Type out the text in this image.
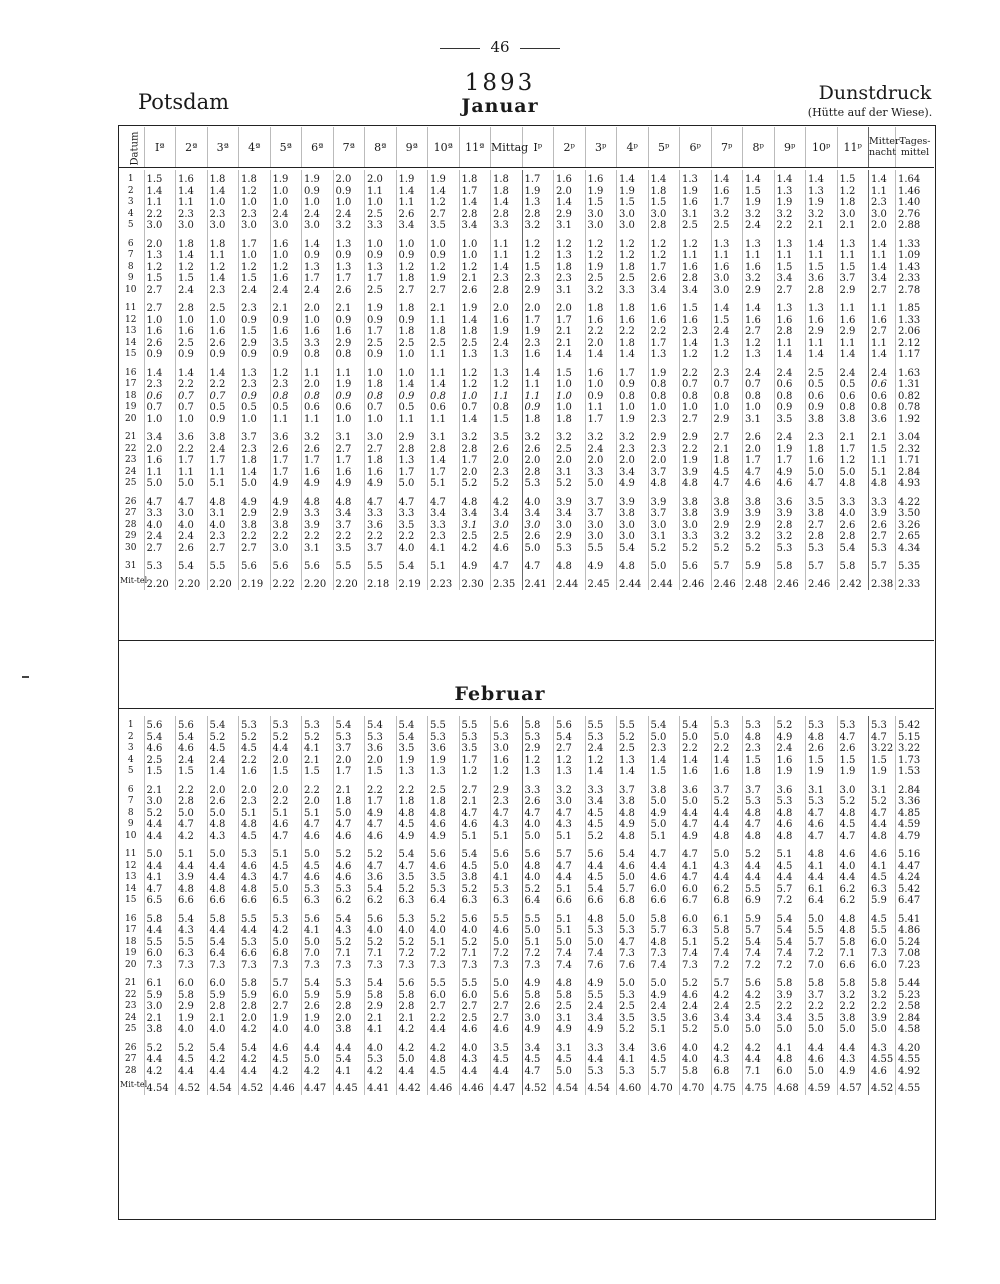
46
Potsdam
1893
Januar
Dunstdruck
(Hütte auf der Wiese).
Datum	Iª	2ª	3ª	4ª	5ª	6ª	7ª	8ª	9ª	10ª	11ª	Mittag	Iᵖ	2ᵖ	3ᵖ	4ᵖ	5ᵖ	6ᵖ	7ᵖ	8ᵖ	9ᵖ	10ᵖ	11ᵖ	Mitter-nacht	Tages-mittel
1	1.5	1.6	1.8	1.8	1.9	1.9	2.0	2.0	1.9	1.9	1.8	1.8	1.7	1.6	1.6	1.4	1.4	1.3	1.4	1.4	1.4	1.4	1.5	1.4	1.64
2	1.4	1.4	1.4	1.2	1.0	0.9	0.9	1.1	1.4	1.4	1.7	1.8	1.9	2.0	1.9	1.9	1.8	1.9	1.6	1.5	1.3	1.3	1.2	1.1	1.46
3	1.1	1.1	1.0	1.0	1.0	1.0	1.0	1.0	1.1	1.2	1.4	1.4	1.3	1.4	1.5	1.5	1.5	1.6	1.7	1.9	1.9	1.9	1.8	2.3	1.40
4	2.2	2.3	2.3	2.3	2.4	2.4	2.4	2.5	2.6	2.7	2.8	2.8	2.8	2.9	3.0	3.0	3.0	3.1	3.2	3.2	3.2	3.2	3.0	3.0	2.76
5	3.0	3.0	3.0	3.0	3.0	3.0	3.2	3.3	3.4	3.5	3.4	3.3	3.2	3.1	3.0	3.0	2.8	2.5	2.5	2.4	2.2	2.1	2.1	2.0	2.88
6	2.0	1.8	1.8	1.7	1.6	1.4	1.3	1.0	1.0	1.0	1.0	1.1	1.2	1.2	1.2	1.2	1.2	1.2	1.3	1.3	1.3	1.4	1.3	1.4	1.33
7	1.3	1.4	1.1	1.0	1.0	0.9	0.9	0.9	0.9	0.9	1.0	1.1	1.2	1.3	1.2	1.2	1.2	1.1	1.1	1.1	1.1	1.1	1.1	1.1	1.09
8	1.2	1.2	1.2	1.2	1.2	1.3	1.3	1.3	1.2	1.2	1.2	1.4	1.5	1.8	1.9	1.8	1.7	1.6	1.6	1.6	1.5	1.5	1.5	1.4	1.43
9	1.5	1.5	1.4	1.5	1.6	1.7	1.7	1.7	1.8	1.9	2.1	2.3	2.3	2.3	2.5	2.5	2.6	2.8	3.0	3.2	3.4	3.6	3.7	3.4	2.33
10	2.7	2.4	2.3	2.4	2.4	2.4	2.6	2.5	2.7	2.7	2.6	2.8	2.9	3.1	3.2	3.3	3.4	3.4	3.0	2.9	2.7	2.8	2.9	2.7	2.78
11	2.7	2.8	2.5	2.3	2.1	2.0	2.1	1.9	1.8	2.1	1.9	2.0	2.0	2.0	1.8	1.8	1.6	1.5	1.4	1.4	1.3	1.3	1.1	1.1	1.85
12	1.0	1.0	1.0	0.9	0.9	1.0	0.9	0.9	0.9	1.1	1.4	1.6	1.7	1.7	1.6	1.6	1.6	1.6	1.5	1.6	1.6	1.6	1.6	1.6	1.33
13	1.6	1.6	1.6	1.5	1.6	1.6	1.6	1.7	1.8	1.8	1.8	1.9	1.9	2.1	2.2	2.2	2.2	2.3	2.4	2.7	2.8	2.9	2.9	2.7	2.06
14	2.6	2.5	2.6	2.9	3.5	3.3	2.9	2.5	2.5	2.5	2.5	2.4	2.3	2.1	2.0	1.8	1.7	1.4	1.3	1.2	1.1	1.1	1.1	1.1	2.12
15	0.9	0.9	0.9	0.9	0.9	0.8	0.8	0.9	1.0	1.1	1.3	1.3	1.6	1.4	1.4	1.4	1.3	1.2	1.2	1.3	1.4	1.4	1.4	1.4	1.17
16	1.4	1.4	1.4	1.3	1.2	1.1	1.1	1.0	1.0	1.1	1.2	1.3	1.4	1.5	1.6	1.7	1.9	2.2	2.3	2.4	2.4	2.5	2.4	2.4	1.63
17	2.3	2.2	2.2	2.3	2.3	2.0	1.9	1.8	1.4	1.4	1.2	1.2	1.1	1.0	1.0	0.9	0.8	0.7	0.7	0.7	0.6	0.5	0.5	0.6	1.31
18	0.6	0.7	0.7	0.9	0.8	0.8	0.9	0.8	0.9	0.8	1.0	1.1	1.1	1.0	0.9	0.8	0.8	0.8	0.8	0.8	0.8	0.6	0.6	0.6	0.82
19	0.7	0.7	0.5	0.5	0.5	0.6	0.6	0.7	0.5	0.6	0.7	0.8	0.9	1.0	1.1	1.0	1.0	1.0	1.0	1.0	0.9	0.9	0.8	0.8	0.78
20	1.0	1.0	0.9	1.0	1.1	1.1	1.0	1.0	1.1	1.1	1.4	1.5	1.8	1.8	1.7	1.9	2.3	2.7	2.9	3.1	3.5	3.8	3.8	3.6	1.92
21	3.4	3.6	3.8	3.7	3.6	3.2	3.1	3.0	2.9	3.1	3.2	3.5	3.2	3.2	3.2	3.2	2.9	2.9	2.7	2.6	2.4	2.3	2.1	2.1	3.04
22	2.0	2.2	2.4	2.3	2.6	2.6	2.7	2.7	2.8	2.8	2.8	2.6	2.6	2.5	2.4	2.3	2.3	2.2	2.1	2.0	1.9	1.8	1.7	1.5	2.32
23	1.6	1.7	1.7	1.8	1.7	1.7	1.7	1.8	1.3	1.4	1.7	2.0	2.0	2.0	2.0	2.0	2.0	1.9	1.8	1.7	1.7	1.6	1.2	1.1	1.71
24	1.1	1.1	1.1	1.4	1.7	1.6	1.6	1.6	1.7	1.7	2.0	2.3	2.8	3.1	3.3	3.4	3.7	3.9	4.5	4.7	4.9	5.0	5.0	5.1	2.84
25	5.0	5.0	5.1	5.0	4.9	4.9	4.9	4.9	5.0	5.1	5.2	5.2	5.3	5.2	5.0	4.9	4.8	4.8	4.7	4.6	4.6	4.7	4.8	4.8	4.93
26	4.7	4.7	4.8	4.9	4.9	4.8	4.8	4.7	4.7	4.7	4.8	4.2	4.0	3.9	3.7	3.9	3.9	3.8	3.8	3.8	3.6	3.5	3.3	3.3	4.22
27	3.3	3.0	3.1	2.9	2.9	3.3	3.4	3.3	3.3	3.4	3.4	3.4	3.4	3.4	3.7	3.8	3.7	3.8	3.9	3.9	3.9	3.8	4.0	3.9	3.50
28	4.0	4.0	4.0	3.8	3.8	3.9	3.7	3.6	3.5	3.3	3.1	3.0	3.0	3.0	3.0	3.0	3.0	3.0	2.9	2.9	2.8	2.7	2.6	2.6	3.26
29	2.4	2.4	2.3	2.2	2.2	2.2	2.2	2.2	2.2	2.3	2.5	2.5	2.6	2.9	3.0	3.0	3.1	3.3	3.2	3.2	3.2	2.8	2.8	2.7	2.65
30	2.7	2.6	2.7	2.7	3.0	3.1	3.5	3.7	4.0	4.1	4.2	4.6	5.0	5.3	5.5	5.4	5.2	5.2	5.2	5.2	5.3	5.3	5.4	5.3	4.34
31	5.3	5.4	5.5	5.6	5.6	5.6	5.5	5.5	5.4	5.1	4.9	4.7	4.7	4.8	4.9	4.8	5.0	5.6	5.7	5.9	5.8	5.7	5.8	5.7	5.35
Mit-tel	2.20	2.20	2.20	2.19	2.22	2.20	2.20	2.18	2.19	2.23	2.30	2.35	2.41	2.44	2.45	2.44	2.44	2.46	2.46	2.48	2.46	2.46	2.42	2.38	2.33
Februar
1	5.6	5.6	5.4	5.3	5.3	5.3	5.4	5.4	5.4	5.5	5.5	5.6	5.8	5.6	5.5	5.5	5.4	5.4	5.3	5.3	5.2	5.3	5.3	5.3	5.42
2	5.4	5.4	5.2	5.2	5.2	5.2	5.3	5.3	5.4	5.3	5.3	5.3	5.3	5.4	5.3	5.2	5.0	5.0	5.0	4.8	4.9	4.8	4.7	4.7	5.15
3	4.6	4.6	4.5	4.5	4.4	4.1	3.7	3.6	3.5	3.6	3.5	3.0	2.9	2.7	2.4	2.5	2.3	2.2	2.2	2.3	2.4	2.6	2.6	3.22	3.22
4	2.5	2.4	2.4	2.2	2.0	2.1	2.0	2.0	1.9	1.9	1.7	1.6	1.2	1.2	1.2	1.3	1.4	1.4	1.4	1.5	1.6	1.5	1.5	1.5	1.73
5	1.5	1.5	1.4	1.6	1.5	1.5	1.7	1.5	1.3	1.3	1.2	1.2	1.3	1.3	1.4	1.4	1.5	1.6	1.6	1.8	1.9	1.9	1.9	1.9	1.53
6	2.1	2.2	2.0	2.0	2.0	2.2	2.1	2.2	2.2	2.5	2.7	2.9	3.3	3.2	3.3	3.7	3.8	3.6	3.7	3.7	3.6	3.1	3.0	3.1	2.84
7	3.0	2.8	2.6	2.3	2.2	2.0	1.8	1.7	1.8	1.8	2.1	2.3	2.6	3.0	3.4	3.8	5.0	5.0	5.2	5.3	5.3	5.3	5.2	5.2	3.36
8	5.2	5.0	5.0	5.1	5.1	5.1	5.0	4.9	4.8	4.8	4.7	4.7	4.7	4.7	4.5	4.8	4.9	4.4	4.4	4.8	4.8	4.7	4.8	4.7	4.85
9	4.4	4.7	4.8	4.8	4.6	4.7	4.7	4.7	4.5	4.6	4.6	4.3	4.0	4.3	4.5	4.9	5.0	4.7	4.4	4.7	4.6	4.6	4.5	4.4	4.59
10	4.4	4.2	4.3	4.5	4.7	4.6	4.6	4.6	4.9	4.9	5.1	5.1	5.0	5.1	5.2	4.8	5.1	4.9	4.8	4.8	4.8	4.7	4.7	4.8	4.79
11	5.0	5.1	5.0	5.3	5.1	5.0	5.2	5.2	5.4	5.6	5.4	5.6	5.6	5.7	5.6	5.4	4.7	4.7	5.0	5.2	5.1	4.8	4.6	4.6	5.16
12	4.4	4.4	4.4	4.6	4.5	4.5	4.6	4.7	4.7	4.6	4.5	5.0	4.8	4.7	4.4	4.6	4.4	4.1	4.3	4.4	4.5	4.1	4.0	4.1	4.47
13	4.1	3.9	4.4	4.3	4.7	4.6	4.6	3.6	3.5	3.5	3.8	4.1	4.0	4.4	4.5	5.0	4.6	4.7	4.4	4.4	4.4	4.4	4.4	4.5	4.24
14	4.7	4.8	4.8	4.8	5.0	5.3	5.3	5.4	5.2	5.3	5.2	5.3	5.2	5.1	5.4	5.7	6.0	6.0	6.2	5.5	5.7	6.1	6.2	6.3	5.42
15	6.5	6.6	6.6	6.6	6.5	6.3	6.2	6.2	6.3	6.4	6.3	6.3	6.4	6.6	6.6	6.8	6.6	6.7	6.8	6.9	7.2	6.4	6.2	5.9	6.47
16	5.8	5.4	5.8	5.5	5.3	5.6	5.4	5.6	5.3	5.2	5.6	5.5	5.5	5.1	4.8	5.0	5.8	6.0	6.1	5.9	5.4	5.0	4.8	4.5	5.41
17	4.4	4.3	4.4	4.4	4.2	4.1	4.3	4.0	4.0	4.0	4.0	4.6	5.0	5.1	5.3	5.3	5.7	6.3	5.8	5.7	5.4	5.5	4.8	5.5	4.86
18	5.5	5.5	5.4	5.3	5.0	5.0	5.2	5.2	5.2	5.1	5.2	5.0	5.1	5.0	5.0	4.7	4.8	5.1	5.2	5.4	5.4	5.7	5.8	6.0	5.24
19	6.0	6.3	6.4	6.6	6.8	7.0	7.1	7.1	7.2	7.2	7.1	7.2	7.2	7.4	7.4	7.3	7.3	7.4	7.4	7.4	7.4	7.2	7.1	7.3	7.08
20	7.3	7.3	7.3	7.3	7.3	7.3	7.3	7.3	7.3	7.3	7.3	7.3	7.3	7.4	7.6	7.6	7.4	7.3	7.2	7.2	7.2	7.0	6.6	6.0	7.23
21	6.1	6.0	6.0	5.8	5.7	5.4	5.3	5.4	5.6	5.5	5.5	5.0	4.9	4.8	4.9	5.0	5.0	5.2	5.7	5.6	5.8	5.8	5.8	5.8	5.44
22	5.9	5.8	5.9	5.9	6.0	5.9	5.9	5.8	5.8	6.0	6.0	5.6	5.8	5.8	5.5	5.3	4.9	4.6	4.2	4.2	3.9	3.7	3.2	3.2	5.23
23	3.0	2.9	2.8	2.8	2.7	2.6	2.8	2.9	2.8	2.7	2.7	2.7	2.6	2.5	2.4	2.5	2.4	2.4	2.4	2.5	2.2	2.2	2.2	2.2	2.58
24	2.1	1.9	2.1	2.0	1.9	1.9	2.0	2.1	2.1	2.2	2.5	2.7	3.0	3.1	3.4	3.5	3.5	3.6	3.4	3.4	3.4	3.5	3.8	3.9	2.84
25	3.8	4.0	4.0	4.2	4.0	4.0	3.8	4.1	4.2	4.4	4.6	4.6	4.9	4.9	4.9	5.2	5.1	5.2	5.0	5.0	5.0	5.0	5.0	5.0	4.58
26	5.2	5.2	5.4	5.4	4.6	4.4	4.4	4.0	4.2	4.2	4.0	3.5	3.4	3.1	3.3	3.4	3.6	4.0	4.2	4.2	4.1	4.4	4.4	4.3	4.20
27	4.4	4.5	4.2	4.2	4.5	5.0	5.4	5.3	5.0	4.8	4.3	4.5	4.5	4.5	4.4	4.1	4.5	4.0	4.3	4.4	4.8	4.6	4.3	4.55	4.55
28	4.2	4.4	4.4	4.4	4.2	4.2	4.1	4.2	4.4	4.5	4.4	4.4	4.7	5.0	5.3	5.3	5.7	5.8	6.8	7.1	6.0	5.0	4.9	4.6	4.92
Mit-tel	4.54	4.52	4.54	4.52	4.46	4.47	4.45	4.41	4.42	4.46	4.46	4.47	4.52	4.54	4.54	4.60	4.70	4.70	4.75	4.75	4.68	4.59	4.57	4.52	4.55
